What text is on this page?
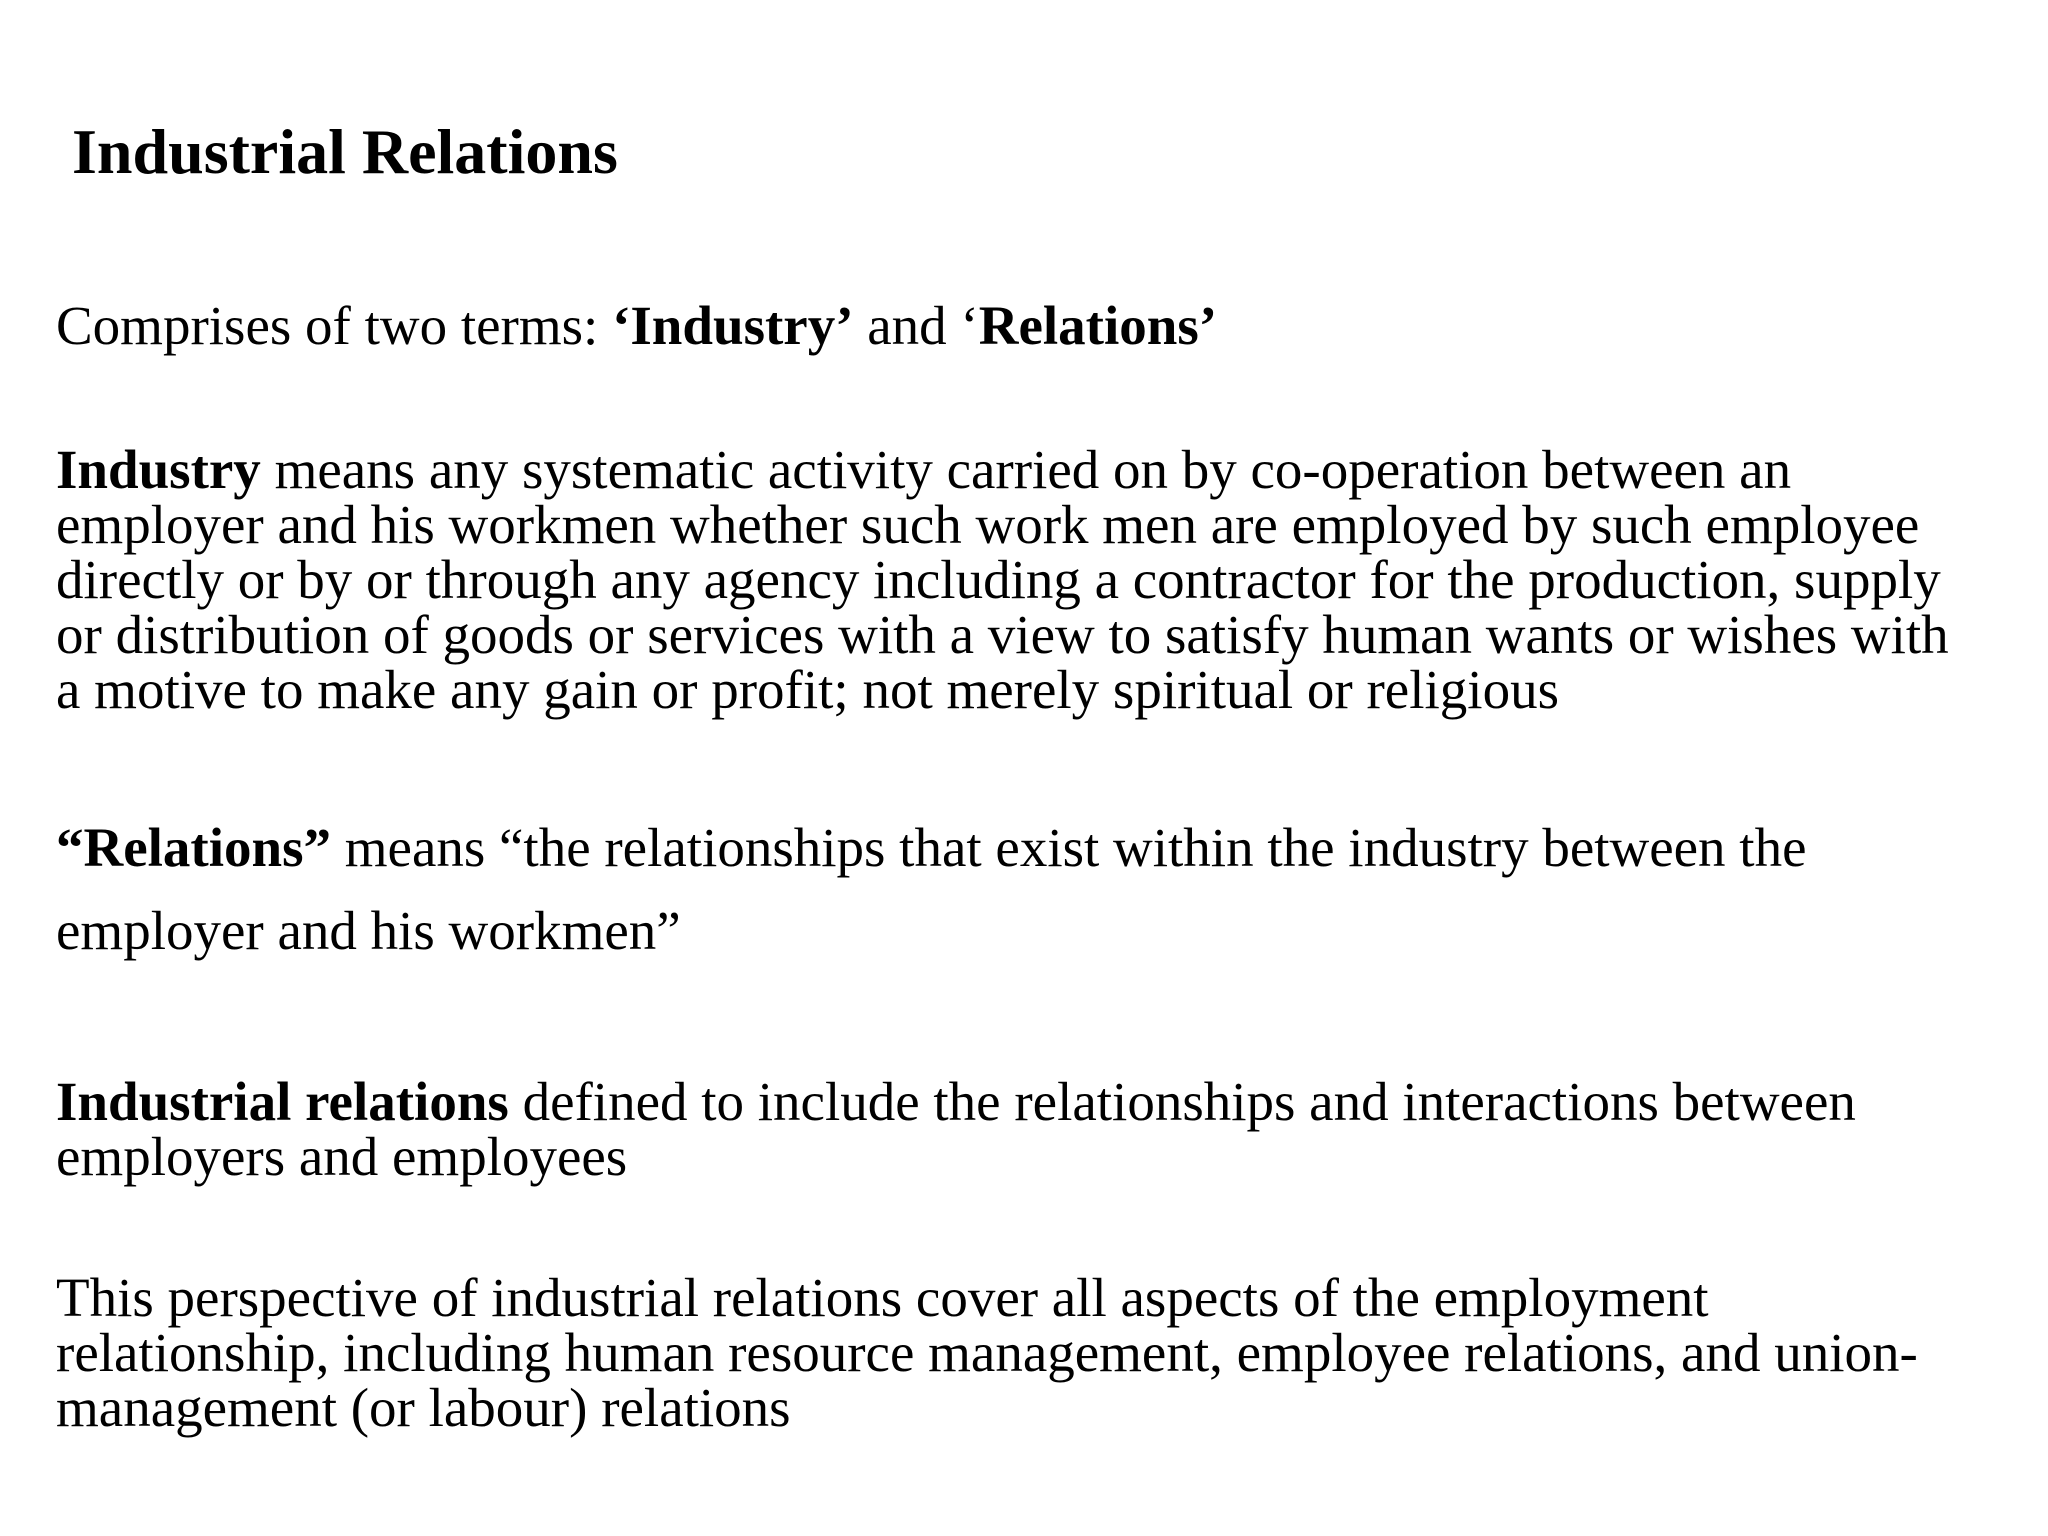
Industrial Relations

Comprises of two terms: ‘Industry’ and ‘Relations’

Industry means any systematic activity carried on by co-operation between an
employer and his workmen whether such work men are employed by such employee
directly or by or through any agency including a contractor for the production, supply
or distribution of goods or services with a view to satisfy human wants or wishes with
a motive to make any gain or profit; not merely spiritual or religious

“Relations” means “the relationships that exist within the industry between the
employer and his workmen”

Industrial relations defined to include the relationships and interactions between
employers and employees

This perspective of industrial relations cover all aspects of the employment
relationship, including human resource management, employee relations, and union-
management (or labour) relations
